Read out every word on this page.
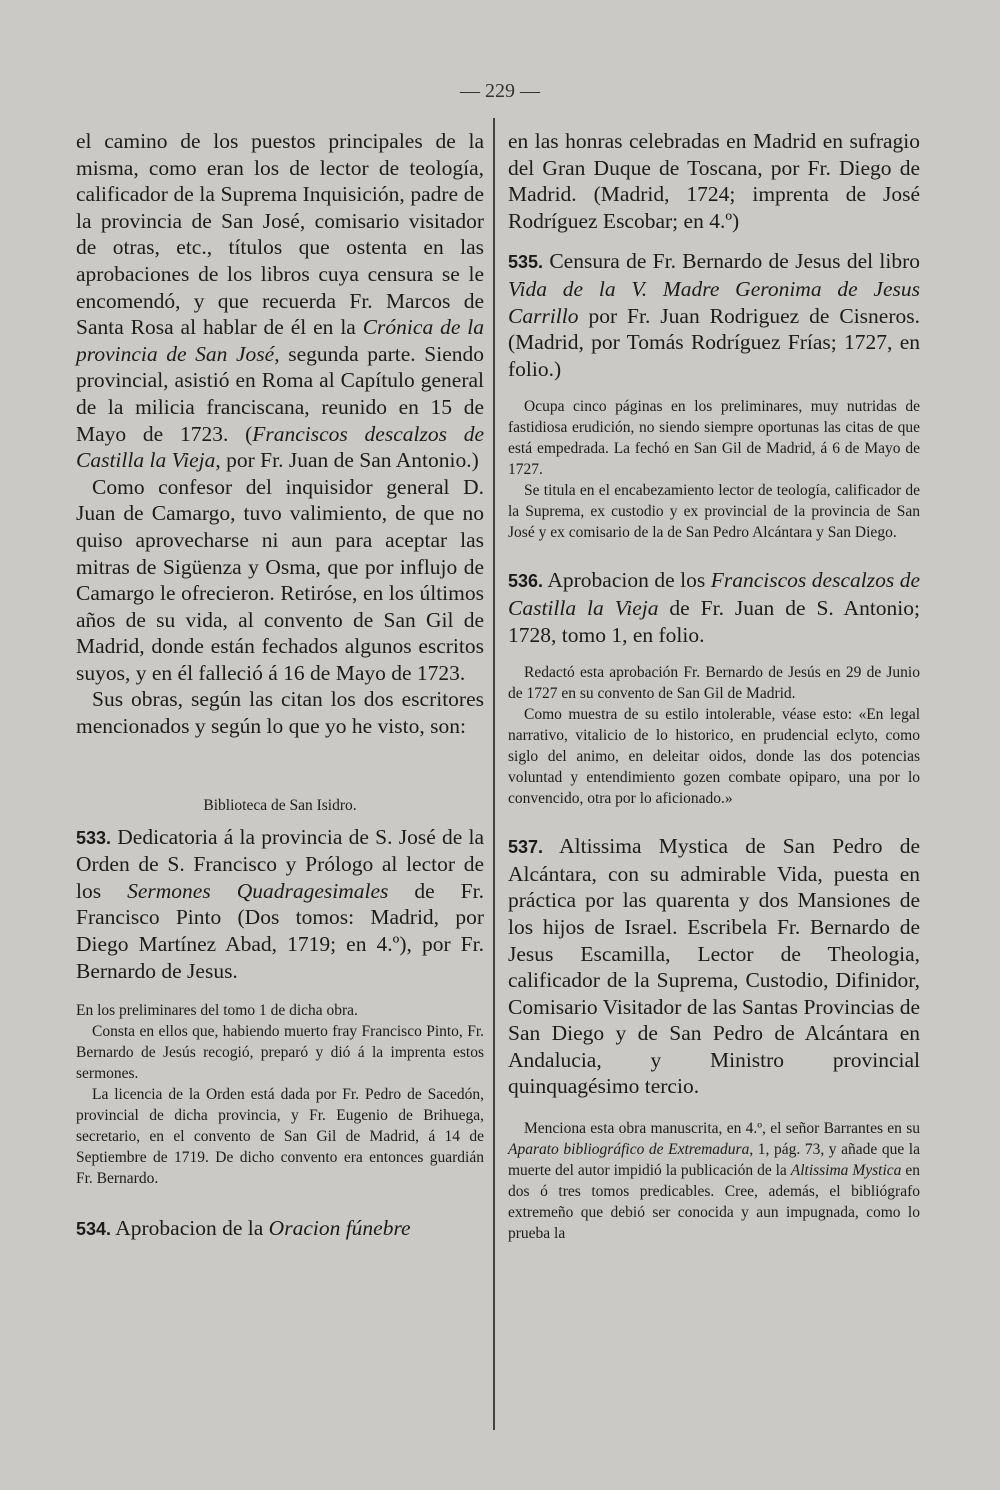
— 229 —

el camino de los puestos principales de la misma, como eran los de lector de teología, calificador de la Suprema Inquisición, padre de la provincia de San José, comisario visitador de otras, etc., títulos que ostenta en las aprobaciones de los libros cuya censura se le encomendó, y que recuerda Fr. Marcos de Santa Rosa al hablar de él en la Crónica de la provincia de San José, segunda parte. Siendo provincial, asistió en Roma al Capítulo general de la milicia franciscana, reunido en 15 de Mayo de 1723. (Franciscos descalzos de Castilla la Vieja, por Fr. Juan de San Antonio.)

Como confesor del inquisidor general D. Juan de Camargo, tuvo valimiento, de que no quiso aprovecharse ni aun para aceptar las mitras de Sigüenza y Osma, que por influjo de Camargo le ofrecieron. Retiróse, en los últimos años de su vida, al convento de San Gil de Madrid, donde están fechados algunos escritos suyos, y en él falleció á 16 de Mayo de 1723.

Sus obras, según las citan los dos escritores mencionados y según lo que yo he visto, son:

Biblioteca de San Isidro.

533. Dedicatoria á la provincia de S. José de la Orden de S. Francisco y Prólogo al lector de los Sermones Quadragesimales de Fr. Francisco Pinto (Dos tomos: Madrid, por Diego Martínez Abad, 1719; en 4.º), por Fr. Bernardo de Jesus.

En los preliminares del tomo 1 de dicha obra.

Consta en ellos que, habiendo muerto fray Francisco Pinto, Fr. Bernardo de Jesús recogió, preparó y dió á la imprenta estos sermones.

La licencia de la Orden está dada por Fr. Pedro de Sacedón, provincial de dicha provincia, y Fr. Eugenio de Brihuega, secretario, en el convento de San Gil de Madrid, á 14 de Septiembre de 1719. De dicho convento era entonces guardián Fr. Bernardo.

534. Aprobacion de la Oracion fúnebre

en las honras celebradas en Madrid en sufragio del Gran Duque de Toscana, por Fr. Diego de Madrid. (Madrid, 1724; imprenta de José Rodríguez Escobar; en 4.º)

535. Censura de Fr. Bernardo de Jesus del libro Vida de la V. Madre Geronima de Jesus Carrillo por Fr. Juan Rodriguez de Cisneros. (Madrid, por Tomás Rodríguez Frías; 1727, en folio.)

Ocupa cinco páginas en los preliminares, muy nutridas de fastidiosa erudición, no siendo siempre oportunas las citas de que está empedrada. La fechó en San Gil de Madrid, á 6 de Mayo de 1727.

Se titula en el encabezamiento lector de teología, calificador de la Suprema, ex custodio y ex provincial de la provincia de San José y ex comisario de la de San Pedro Alcántara y San Diego.

536. Aprobacion de los Franciscos descalzos de Castilla la Vieja de Fr. Juan de S. Antonio; 1728, tomo 1, en folio.

Redactó esta aprobación Fr. Bernardo de Jesús en 29 de Junio de 1727 en su convento de San Gil de Madrid.

Como muestra de su estilo intolerable, véase esto: «En legal narrativo, vitalicio de lo historico, en prudencial eclyto, como siglo del animo, en deleitar oidos, donde las dos potencias voluntad y entendimiento gozen combate opiparo, una por lo convencido, otra por lo aficionado.»

537. Altissima Mystica de San Pedro de Alcántara, con su admirable Vida, puesta en práctica por las quarenta y dos Mansiones de los hijos de Israel. Escribela Fr. Bernardo de Jesus Escamilla, Lector de Theologia, calificador de la Suprema, Custodio, Difinidor, Comisario Visitador de las Santas Provincias de San Diego y de San Pedro de Alcántara en Andalucia, y Ministro provincial quinquagésimo tercio.

Menciona esta obra manuscrita, en 4.º, el señor Barrantes en su Aparato bibliográfico de Extremadura, 1, pág. 73, y añade que la muerte del autor impidió la publicación de la Altissima Mystica en dos ó tres tomos predicables. Cree, además, el bibliógrafo extremeño que debió ser conocida y aun impugnada, como lo prueba la
